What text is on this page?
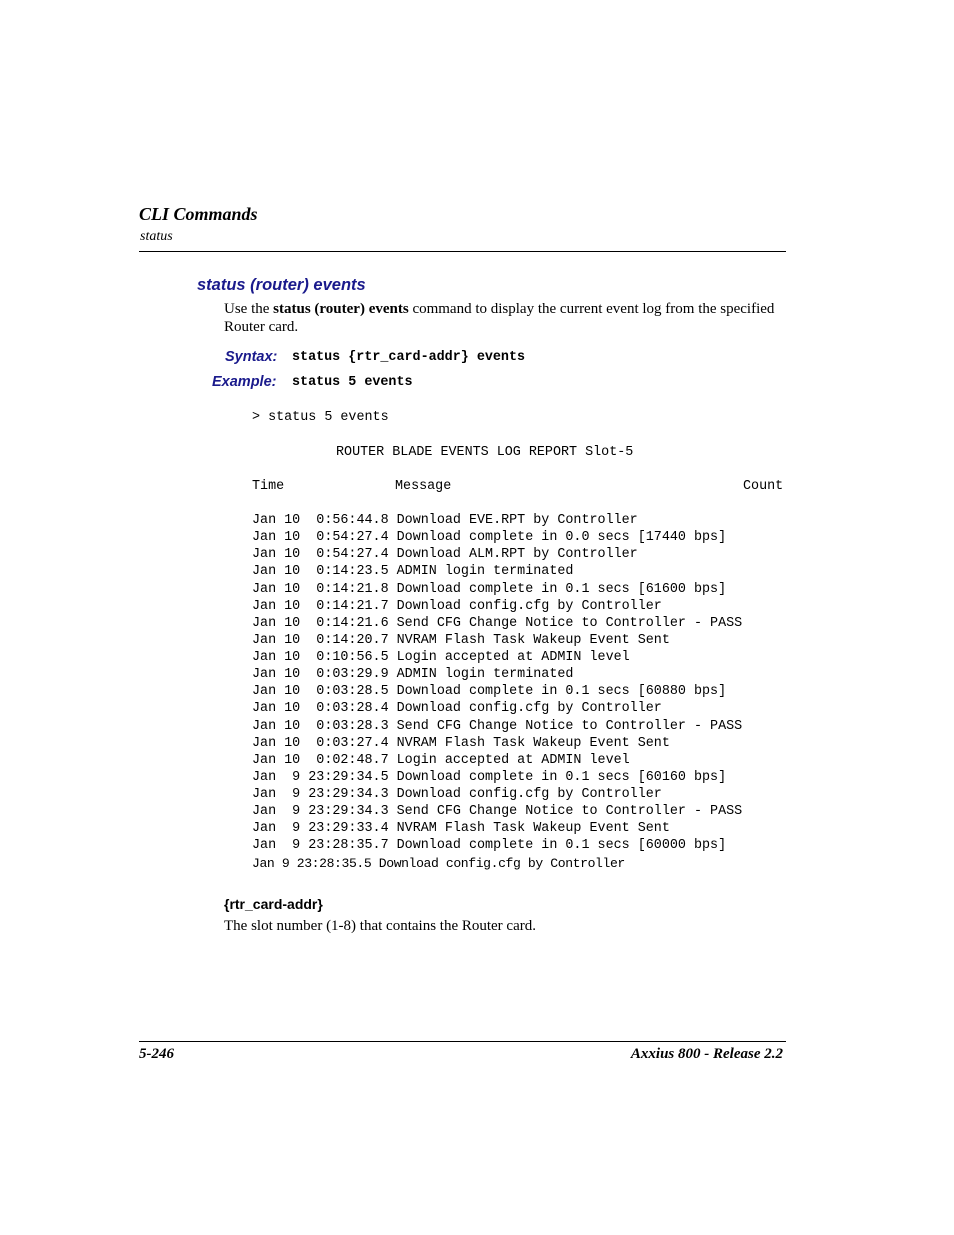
CLI Commands
status
status (router) events
Use the status (router) events command to display the current event log from the specified Router card.
Syntax: status {rtr_card-addr} events
Example: status 5 events
> status 5 events
ROUTER BLADE EVENTS LOG REPORT Slot-5
Time	Message	Count
Jan 10  0:56:44.8 Download EVE.RPT by Controller
Jan 10  0:54:27.4 Download complete in 0.0 secs [17440 bps]
Jan 10  0:54:27.4 Download ALM.RPT by Controller
Jan 10  0:14:23.5 ADMIN login terminated
Jan 10  0:14:21.8 Download complete in 0.1 secs [61600 bps]
Jan 10  0:14:21.7 Download config.cfg by Controller
Jan 10  0:14:21.6 Send CFG Change Notice to Controller - PASS
Jan 10  0:14:20.7 NVRAM Flash Task Wakeup Event Sent
Jan 10  0:10:56.5 Login accepted at ADMIN level
Jan 10  0:03:29.9 ADMIN login terminated
Jan 10  0:03:28.5 Download complete in 0.1 secs [60880 bps]
Jan 10  0:03:28.4 Download config.cfg by Controller
Jan 10  0:03:28.3 Send CFG Change Notice to Controller - PASS
Jan 10  0:03:27.4 NVRAM Flash Task Wakeup Event Sent
Jan 10  0:02:48.7 Login accepted at ADMIN level
Jan  9 23:29:34.5 Download complete in 0.1 secs [60160 bps]
Jan  9 23:29:34.3 Download config.cfg by Controller
Jan  9 23:29:34.3 Send CFG Change Notice to Controller - PASS
Jan  9 23:29:33.4 NVRAM Flash Task Wakeup Event Sent
Jan  9 23:28:35.7 Download complete in 0.1 secs [60000 bps]
Jan 9 23:28:35.5 Download config.cfg by Controller
{rtr_card-addr}
The slot number (1-8) that contains the Router card.
5-246	Axxius 800 - Release 2.2
